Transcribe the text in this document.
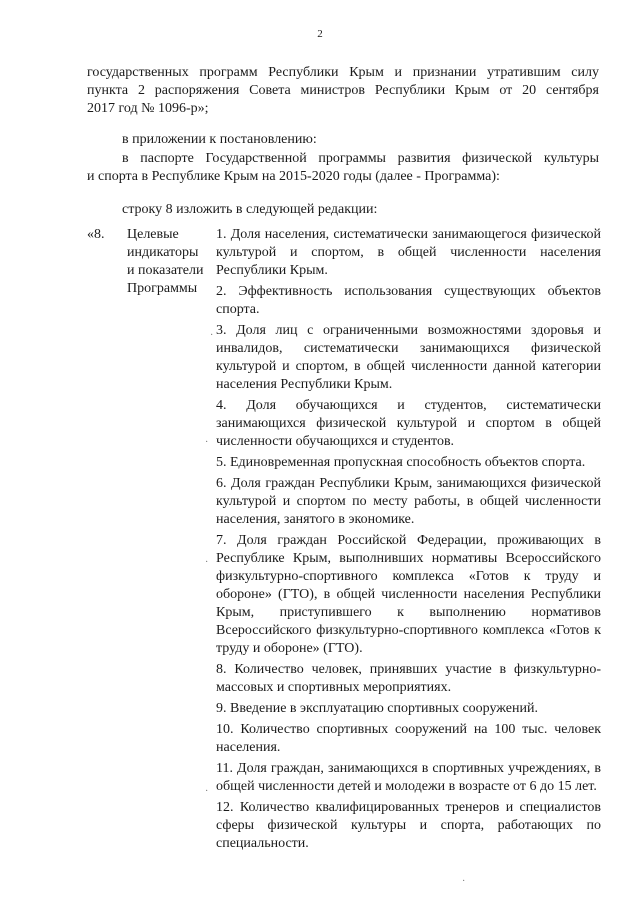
2
государственных программ Республики Крым и признании утратившим силу
пункта 2 распоряжения Совета министров Республики Крым от 20 сентября
2017 год № 1096-р»;
в приложении к постановлению:
в паспорте Государственной программы развития физической культуры
и спорта в Республике Крым на 2015-2020 годы (далее - Программа):
строку 8 изложить в следующей редакции:
«8.	Целевые
индикаторы
и показатели
Программы
1. Доля населения, систематически занимающегося физической культурой и спортом, в общей численности населения Республики Крым.
2. Эффективность использования существующих объектов спорта.
3. Доля лиц с ограниченными возможностями здоровья и инвалидов, систематически занимающихся физической культурой и спортом, в общей численности данной категории населения Республики Крым.
4. Доля обучающихся и студентов, систематически занимающихся физической культурой и спортом в общей численности обучающихся и студентов.
5. Единовременная пропускная способность объектов спорта.
6. Доля граждан Республики Крым, занимающихся физической культурой и спортом по месту работы, в общей численности населения, занятого в экономике.
7. Доля граждан Российской Федерации, проживающих в Республике Крым, выполнивших нормативы Всероссийского физкультурно-спортивного комплекса «Готов к труду и обороне» (ГТО), в общей численности населения Республики Крым, приступившего к выполнению нормативов Всероссийского физкультурно-спортивного комплекса «Готов к труду и обороне» (ГТО).
8. Количество человек, принявших участие в физкультурно-массовых и спортивных мероприятиях.
9. Введение в эксплуатацию спортивных сооружений.
10. Количество спортивных сооружений на 100 тыс. человек населения.
11. Доля граждан, занимающихся в спортивных учреждениях, в общей численности детей и молодежи в возрасте от 6 до 15 лет.
12. Количество квалифицированных тренеров и специалистов сферы физической культуры и спорта, работающих по специальности.
·
·
·
·
·
